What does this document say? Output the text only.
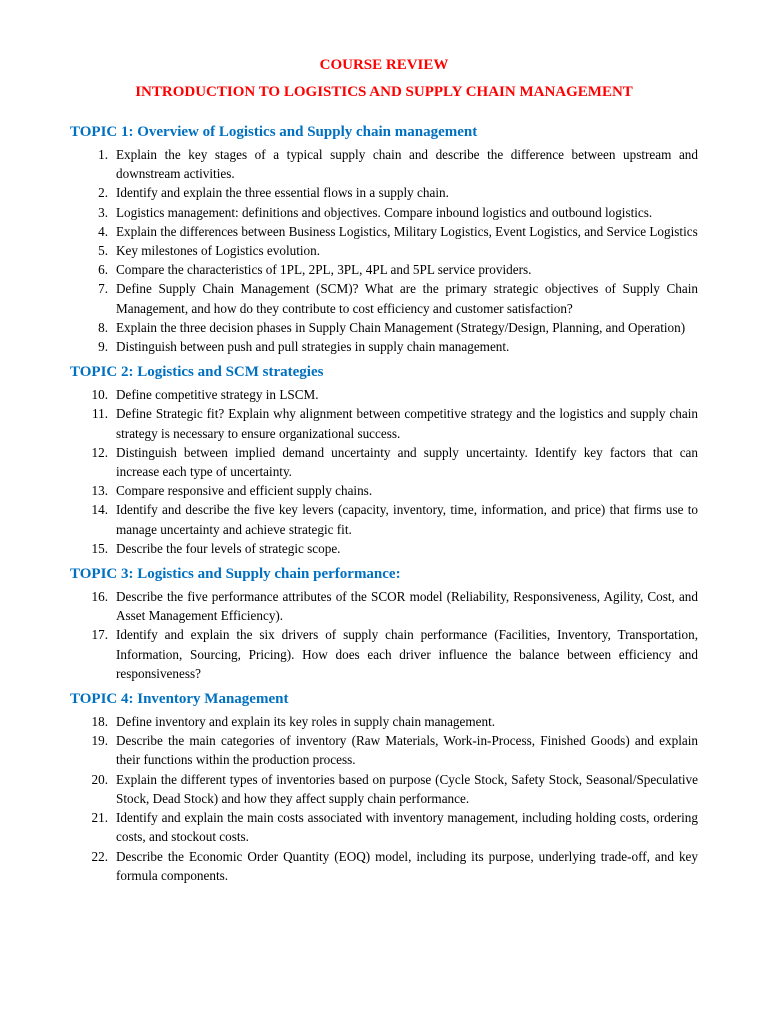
COURSE REVIEW

INTRODUCTION TO LOGISTICS AND SUPPLY CHAIN MANAGEMENT

TOPIC 1: Overview of Logistics and Supply chain management

1. Explain the key stages of a typical supply chain and describe the difference between upstream and downstream activities.
2. Identify and explain the three essential flows in a supply chain.
3. Logistics management: definitions and objectives. Compare inbound logistics and outbound logistics.
4. Explain the differences between Business Logistics, Military Logistics, Event Logistics, and Service Logistics
5. Key milestones of Logistics evolution.
6. Compare the characteristics of 1PL, 2PL, 3PL, 4PL and 5PL service providers.
7. Define Supply Chain Management (SCM)? What are the primary strategic objectives of Supply Chain Management, and how do they contribute to cost efficiency and customer satisfaction?
8. Explain the three decision phases in Supply Chain Management (Strategy/Design, Planning, and Operation)
9. Distinguish between push and pull strategies in supply chain management.

TOPIC 2: Logistics and SCM strategies

10. Define competitive strategy in LSCM.
11. Define Strategic fit? Explain why alignment between competitive strategy and the logistics and supply chain strategy is necessary to ensure organizational success.
12. Distinguish between implied demand uncertainty and supply uncertainty. Identify key factors that can increase each type of uncertainty.
13. Compare responsive and efficient supply chains.
14. Identify and describe the five key levers (capacity, inventory, time, information, and price) that firms use to manage uncertainty and achieve strategic fit.
15. Describe the four levels of strategic scope.

TOPIC 3: Logistics and Supply chain performance:

16. Describe the five performance attributes of the SCOR model (Reliability, Responsiveness, Agility, Cost, and Asset Management Efficiency).
17. Identify and explain the six drivers of supply chain performance (Facilities, Inventory, Transportation, Information, Sourcing, Pricing). How does each driver influence the balance between efficiency and responsiveness?

TOPIC 4: Inventory Management

18. Define inventory and explain its key roles in supply chain management.
19. Describe the main categories of inventory (Raw Materials, Work-in-Process, Finished Goods) and explain their functions within the production process.
20. Explain the different types of inventories based on purpose (Cycle Stock, Safety Stock, Seasonal/Speculative Stock, Dead Stock) and how they affect supply chain performance.
21. Identify and explain the main costs associated with inventory management, including holding costs, ordering costs, and stockout costs.
22. Describe the Economic Order Quantity (EOQ) model, including its purpose, underlying trade-off, and key formula components.
